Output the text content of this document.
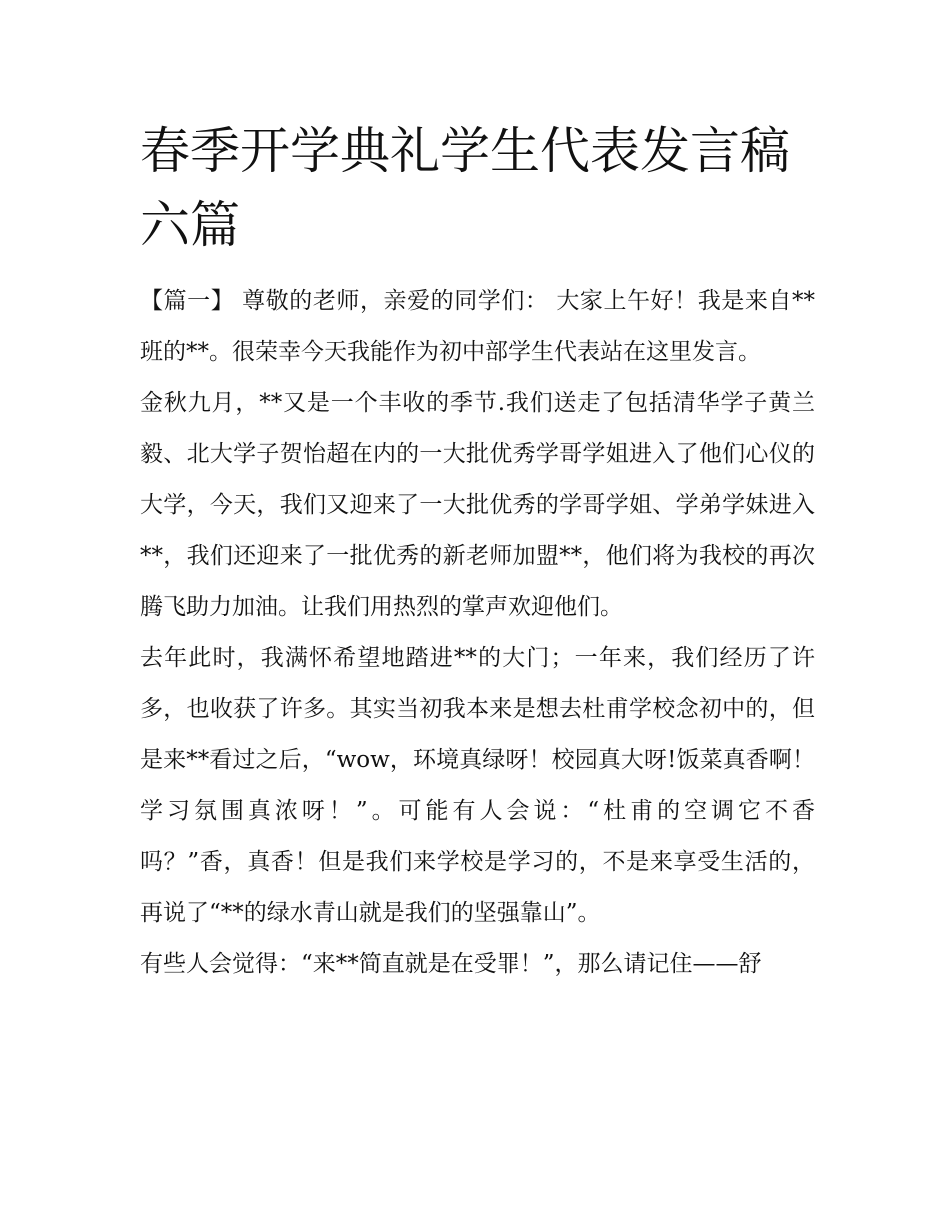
春季开学典礼学生代表发言稿六篇

【篇一】 尊敬的老师，亲爱的同学们： 大家上午好！我是来自**班的**。很荣幸今天我能作为初中部学生代表站在这里发言。

金秋九月，**又是一个丰收的季节.我们送走了包括清华学子黄兰毅、北大学子贺怡超在内的一大批优秀学哥学姐进入了他们心仪的大学，今天，我们又迎来了一大批优秀的学哥学姐、学弟学妹进入**，我们还迎来了一批优秀的新老师加盟**，他们将为我校的再次腾飞助力加油。让我们用热烈的掌声欢迎他们。

去年此时，我满怀希望地踏进**的大门；一年来，我们经历了许多，也收获了许多。其实当初我本来是想去杜甫学校念初中的，但是来**看过之后，“wow，环境真绿呀！校园真大呀!饭菜真香啊！学习氛围真浓呀！”。可能有人会说：“杜甫的空调它不香吗？”香，真香！但是我们来学校是学习的，不是来享受生活的，再说了“**的绿水青山就是我们的坚强靠山”。

有些人会觉得：“来**简直就是在受罪！”，那么请记住——舒
